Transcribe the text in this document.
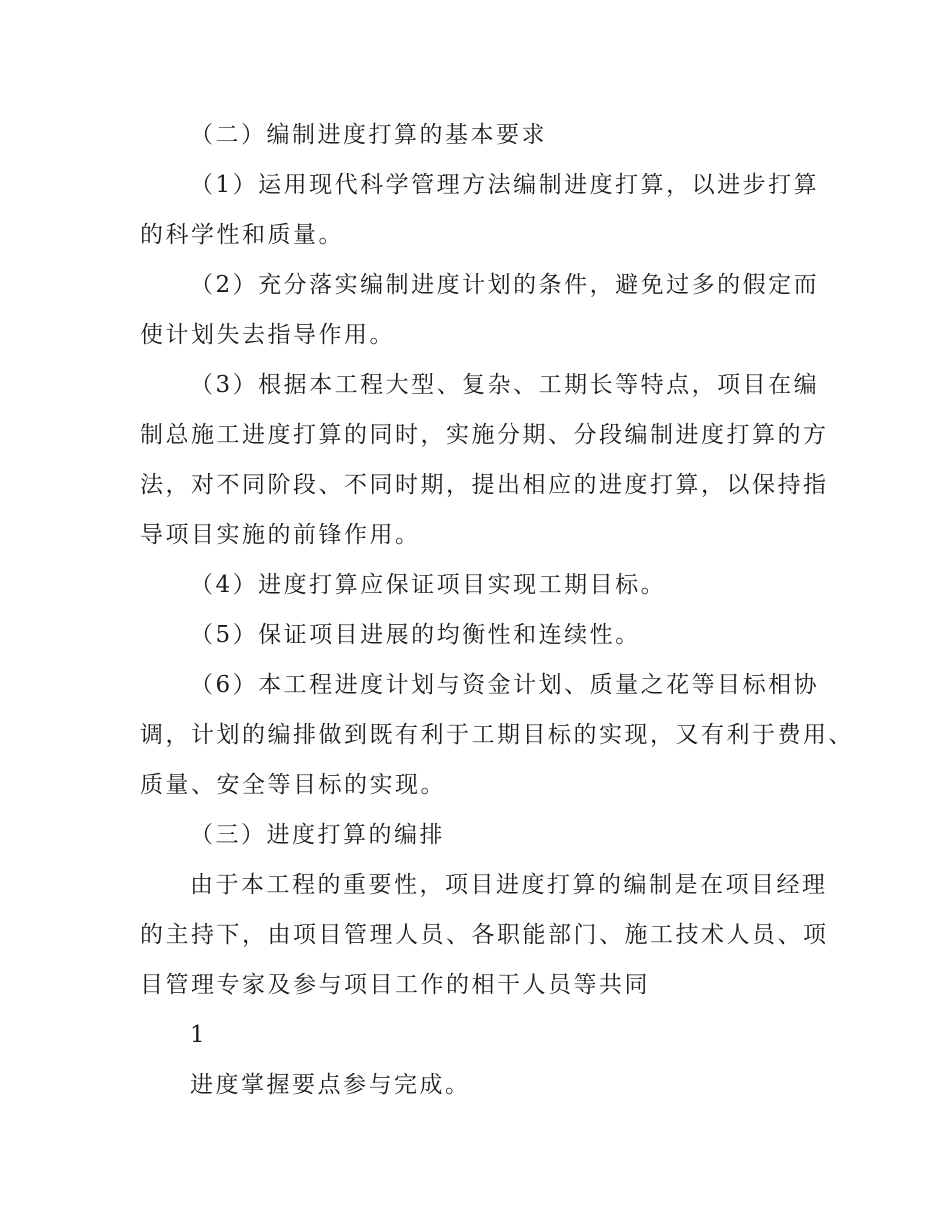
（二）编制进度打算的基本要求
（1）运用现代科学管理方法编制进度打算，以进步打算
的科学性和质量。
（2）充分落实编制进度计划的条件，避免过多的假定而
使计划失去指导作用。
（3）根据本工程大型、复杂、工期长等特点，项目在编
制总施工进度打算的同时，实施分期、分段编制进度打算的方
法，对不同阶段、不同时期，提出相应的进度打算，以保持指
导项目实施的前锋作用。
（4）进度打算应保证项目实现工期目标。
（5）保证项目进展的均衡性和连续性。
（6）本工程进度计划与资金计划、质量之花等目标相协
调，计划的编排做到既有利于工期目标的实现，又有利于费用、
质量、安全等目标的实现。
（三）进度打算的编排
由于本工程的重要性，项目进度打算的编制是在项目经理
的主持下，由项目管理人员、各职能部门、施工技术人员、项
目管理专家及参与项目工作的相干人员等共同
1
进度掌握要点参与完成。
